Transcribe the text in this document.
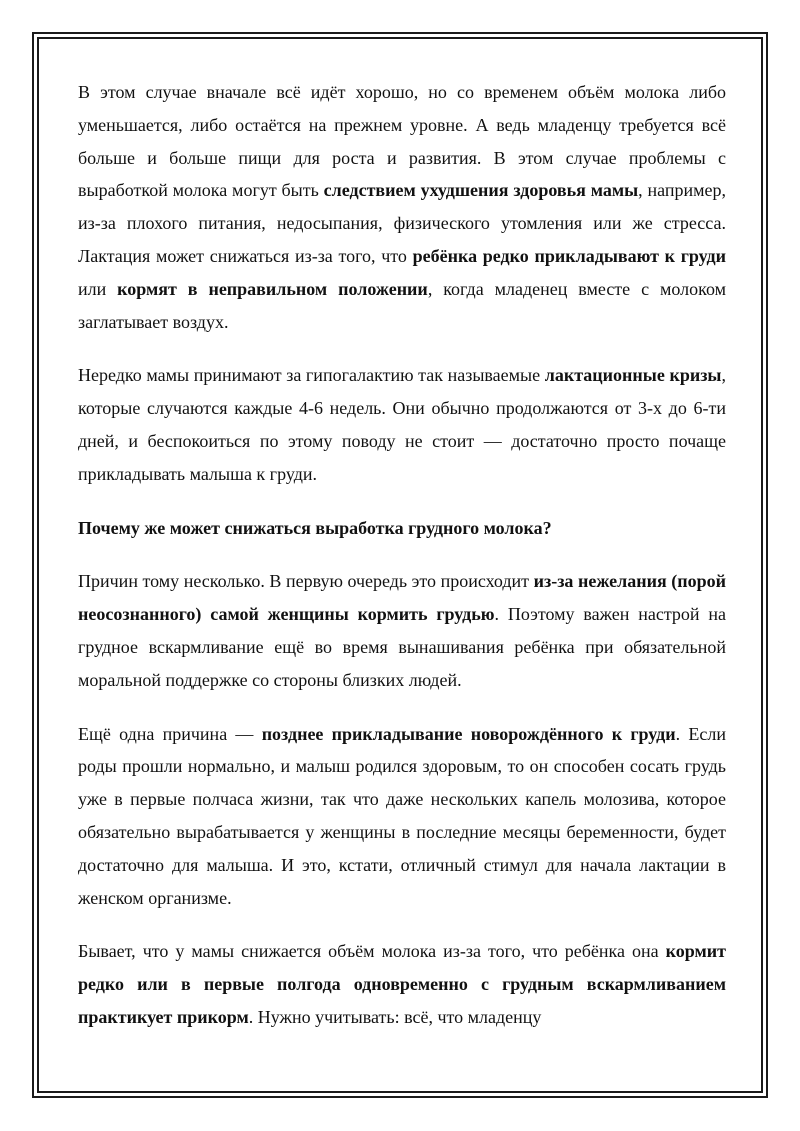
В этом случае вначале всё идёт хорошо, но со временем объём молока либо уменьшается, либо остаётся на прежнем уровне. А ведь младенцу требуется всё больше и больше пищи для роста и развития. В этом случае проблемы с выработкой молока могут быть следствием ухудшения здоровья мамы, например, из-за плохого питания, недосыпания, физического утомления или же стресса. Лактация может снижаться из-за того, что ребёнка редко прикладывают к груди или кормят в неправильном положении, когда младенец вместе с молоком заглатывает воздух.

Нередко мамы принимают за гипогалактию так называемые лактационные кризы, которые случаются каждые 4-6 недель. Они обычно продолжаются от 3-х до 6-ти дней, и беспокоиться по этому поводу не стоит — достаточно просто почаще прикладывать малыша к груди.

Почему же может снижаться выработка грудного молока?

Причин тому несколько. В первую очередь это происходит из-за нежелания (порой неосознанного) самой женщины кормить грудью. Поэтому важен настрой на грудное вскармливание ещё во время вынашивания ребёнка при обязательной моральной поддержке со стороны близких людей.

Ещё одна причина — позднее прикладывание новорождённого к груди. Если роды прошли нормально, и малыш родился здоровым, то он способен сосать грудь уже в первые полчаса жизни, так что даже нескольких капель молозива, которое обязательно вырабатывается у женщины в последние месяцы беременности, будет достаточно для малыша. И это, кстати, отличный стимул для начала лактации в женском организме.

Бывает, что у мамы снижается объём молока из-за того, что ребёнка она кормит редко или в первые полгода одновременно с грудным вскармливанием практикует прикорм. Нужно учитывать: всё, что младенцу
